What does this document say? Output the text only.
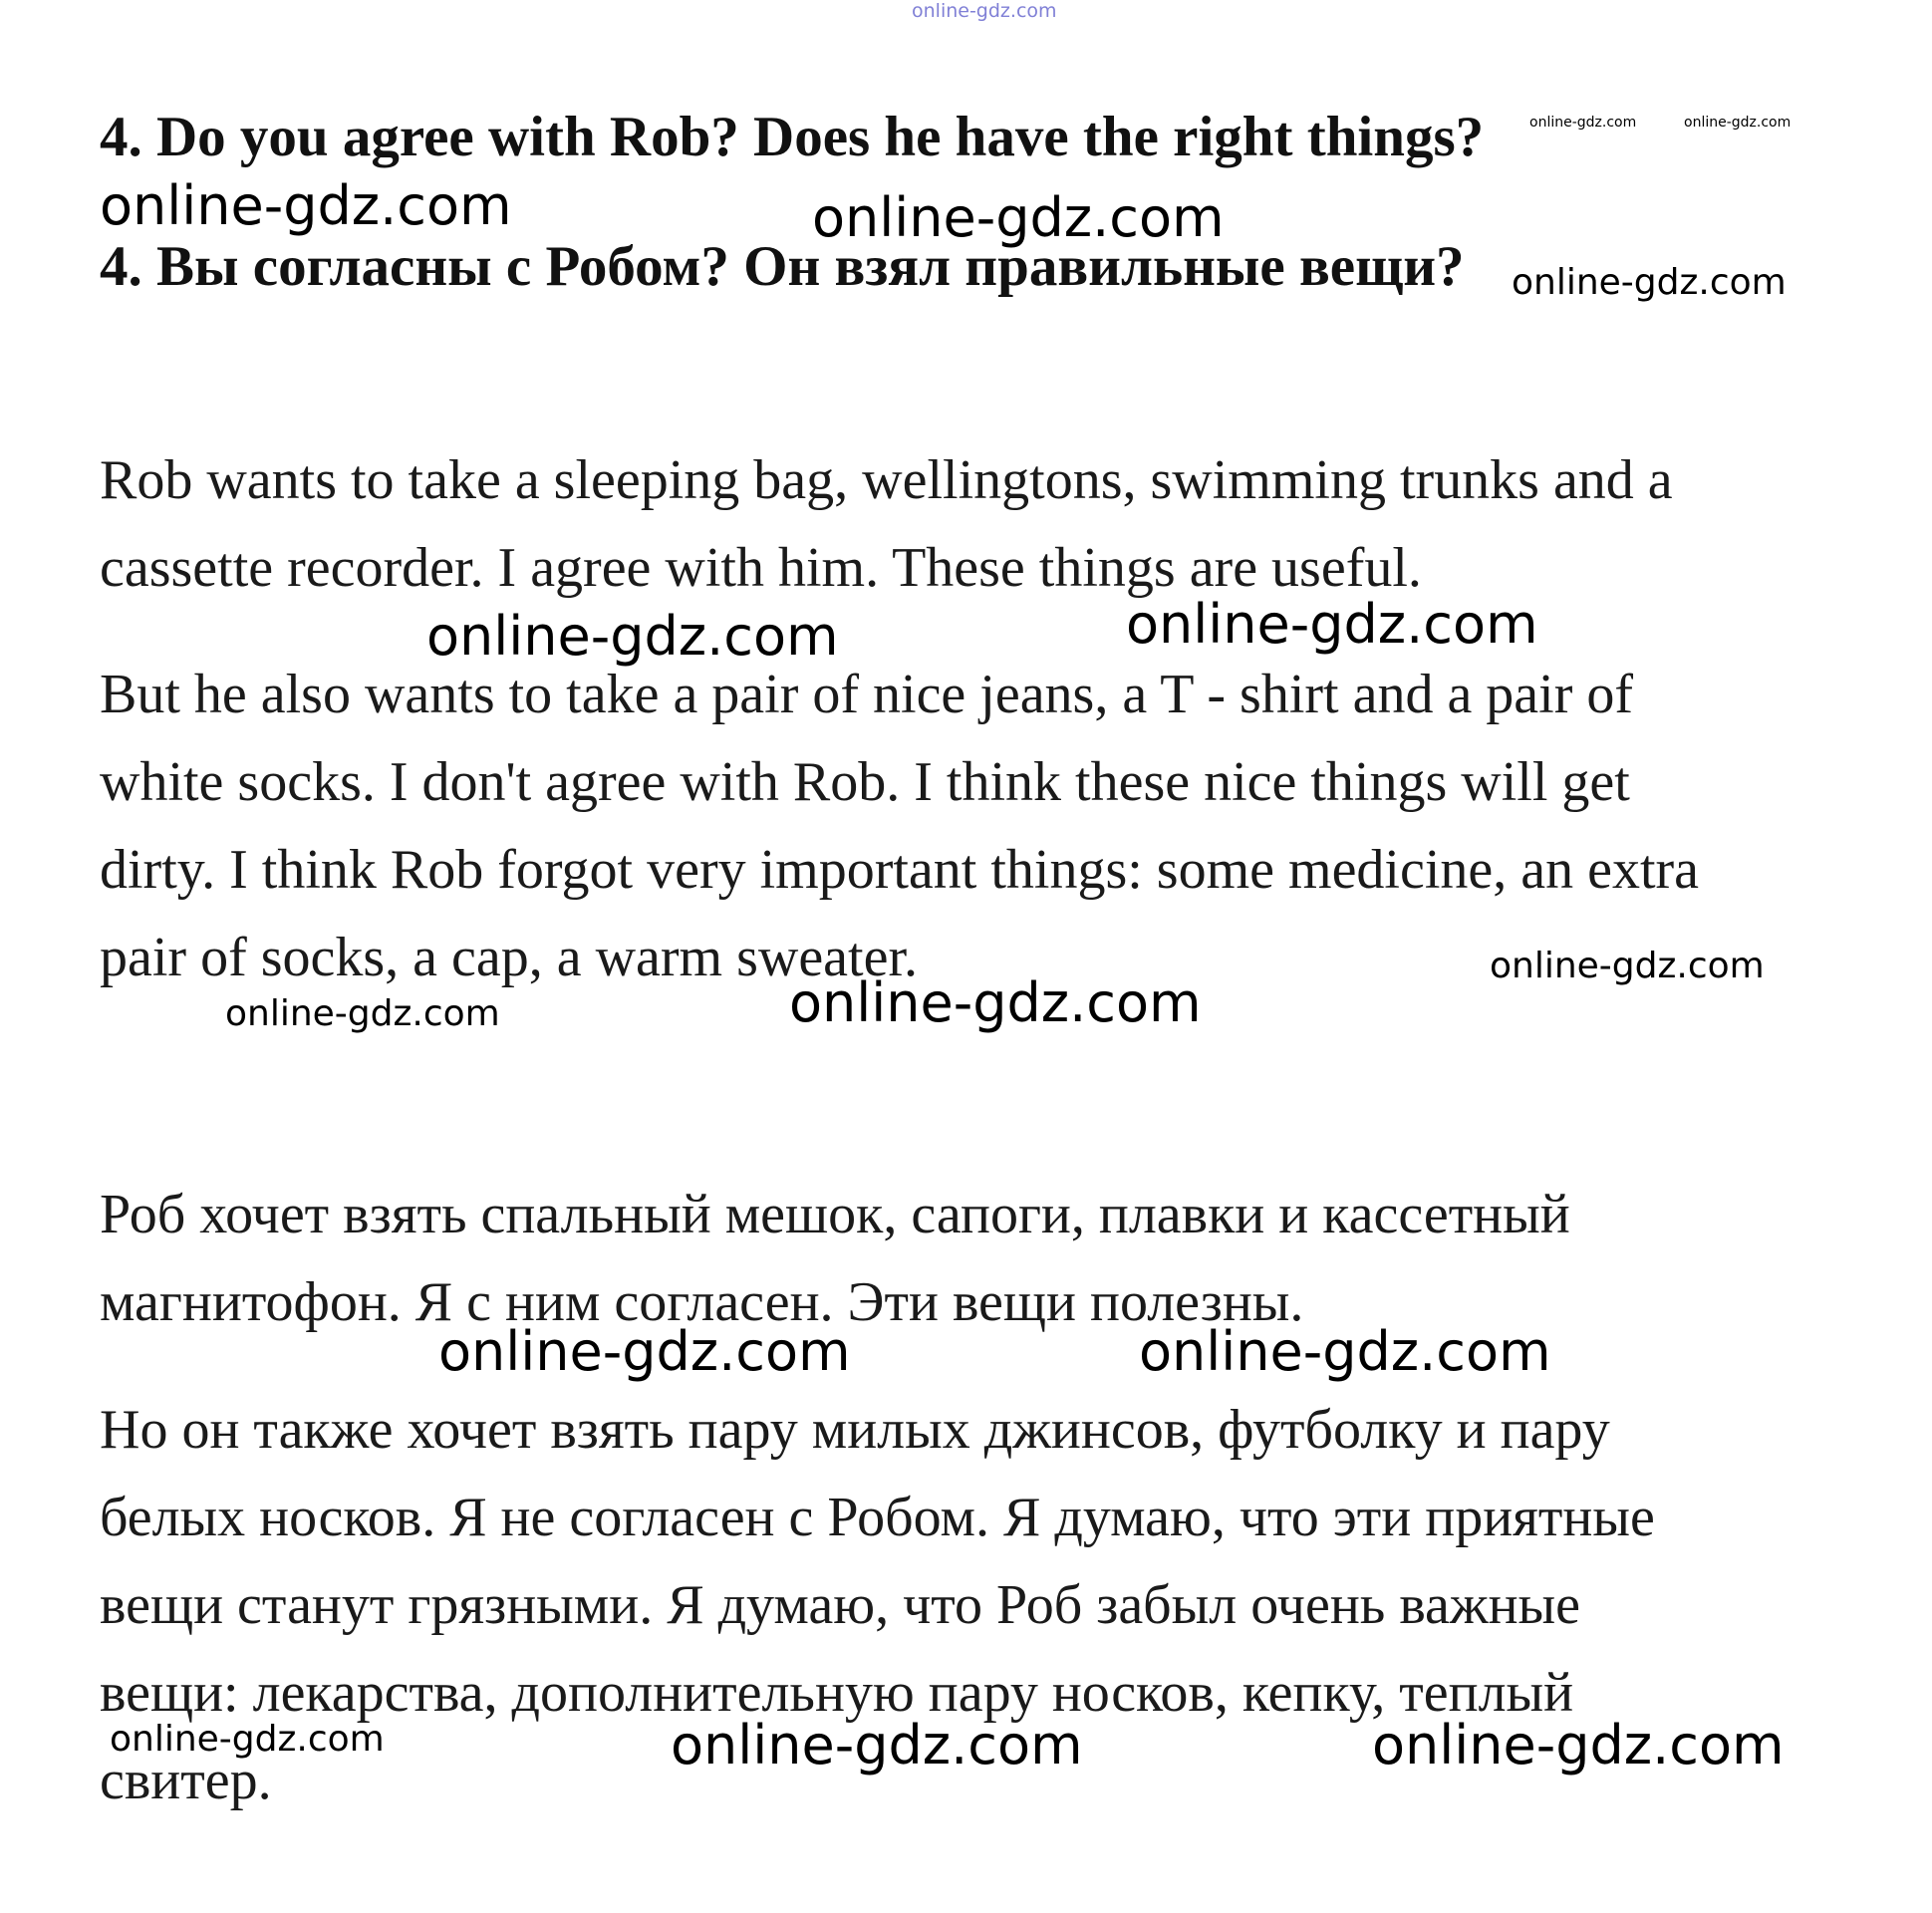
online-gdz.com
4. Do you agree with Rob? Does he have the right things?
4. Вы согласны с Робом? Он взял правильные вещи?

Rob wants to take a sleeping bag, wellingtons, swimming trunks and a

cassette recorder. I agree with him. These things are useful.

But he also wants to take a pair of nice jeans, a T - shirt and a pair of

white socks. I don't agree with Rob. I think these nice things will get

dirty. I think Rob forgot very important things: some medicine, an extra

pair of socks, a cap, a warm sweater.

Роб хочет взять спальный мешок, сапоги, плавки и кассетный

магнитофон. Я с ним согласен. Эти вещи полезны.

Но он также хочет взять пару милых джинсов, футболку и пару

белых носков. Я не согласен с Робом. Я думаю, что эти приятные

вещи станут грязными. Я думаю, что Роб забыл очень важные

вещи: лекарства, дополнительную пару носков, кепку, теплый

свитер.

online-gdz.com	online-gdz.com
online-gdz.com	online-gdz.com
online-gdz.com
online-gdz.com	online-gdz.com
online-gdz.com
online-gdz.com	online-gdz.com
online-gdz.com	online-gdz.com
online-gdz.com	online-gdz.com	online-gdz.com
